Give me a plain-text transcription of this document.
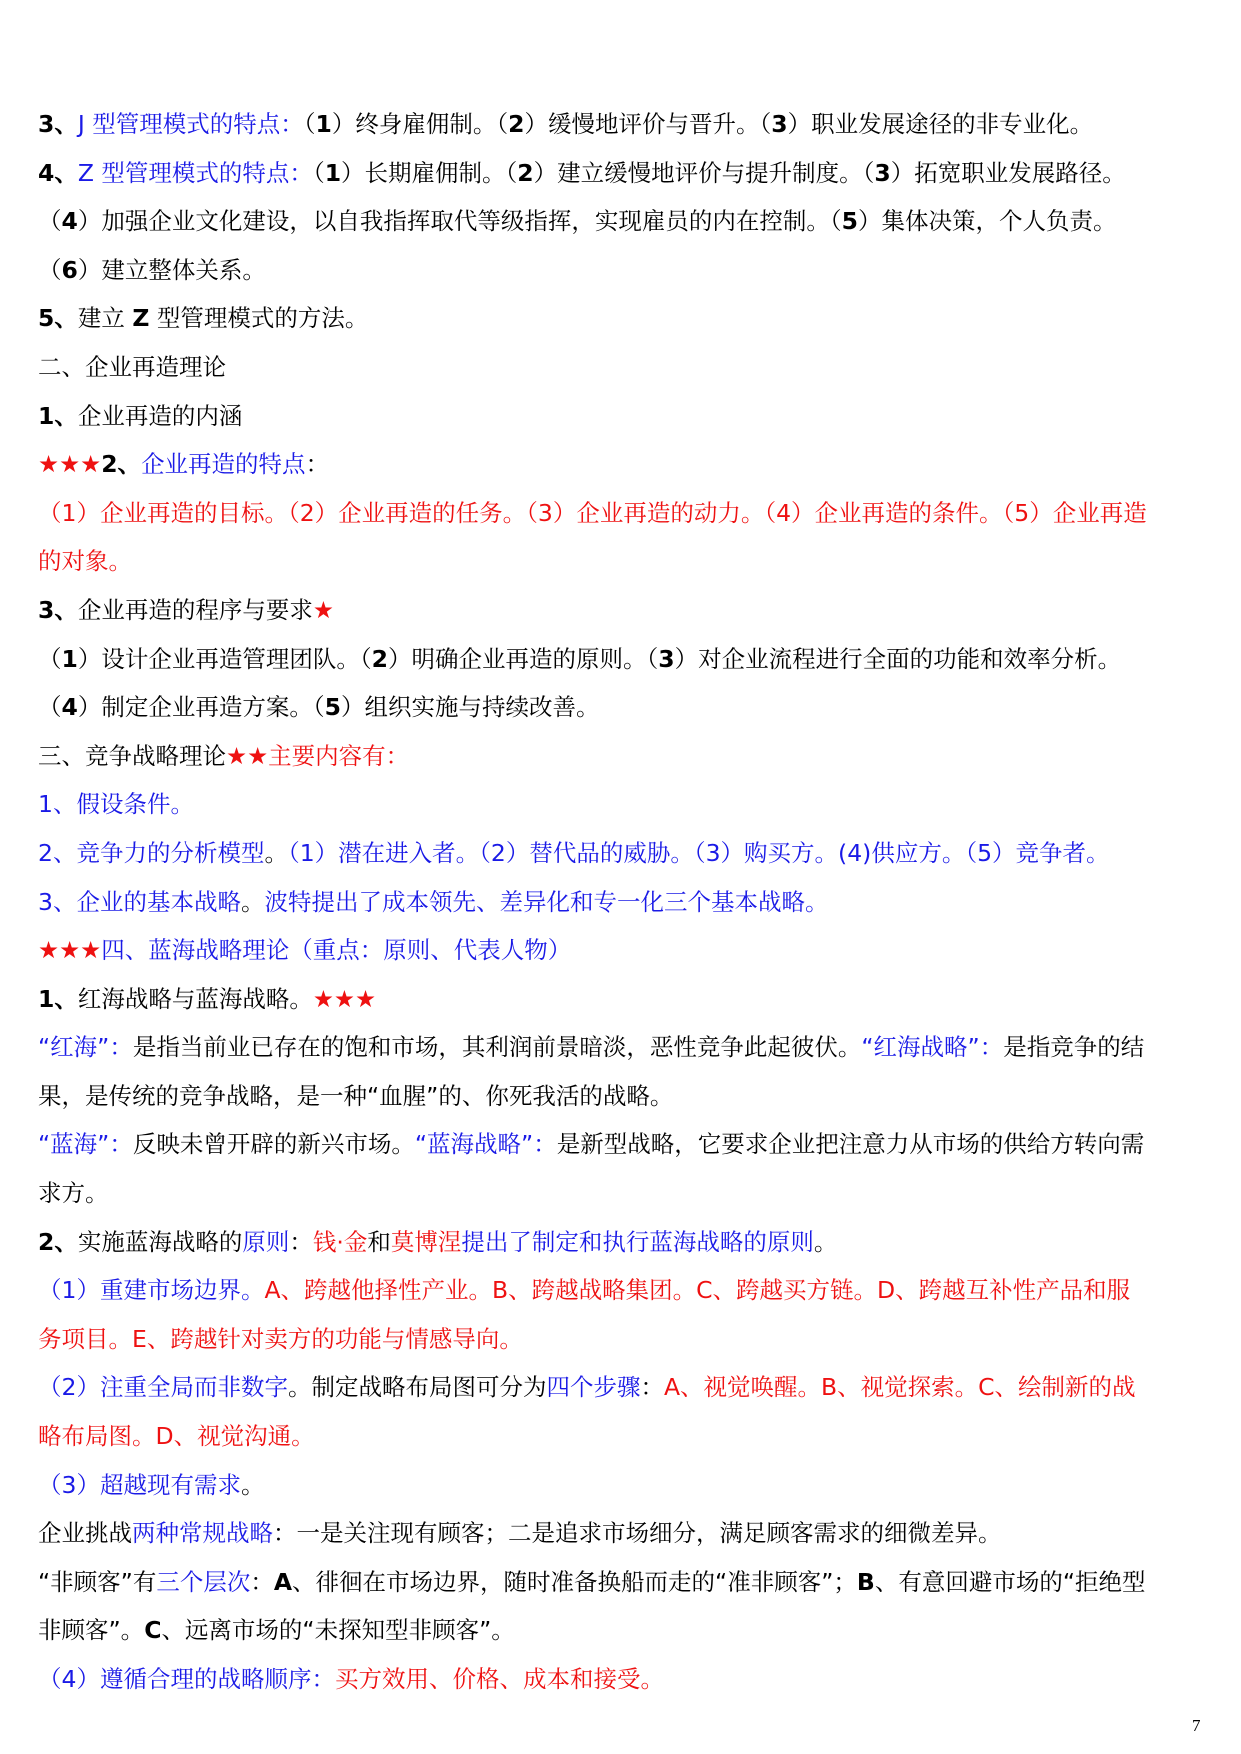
3、J 型管理模式的特点：（1）终身雇佣制。（2）缓慢地评价与晋升。（3）职业发展途径的非专业化。
4、Z 型管理模式的特点：（1）长期雇佣制。（2）建立缓慢地评价与提升制度。（3）拓宽职业发展路径。
（4）加强企业文化建设，以自我指挥取代等级指挥，实现雇员的内在控制。（5）集体决策，个人负责。
（6）建立整体关系。
5、建立 Z 型管理模式的方法。
二、企业再造理论
1、企业再造的内涵
★★★2、企业再造的特点：
（1）企业再造的目标。（2）企业再造的任务。（3）企业再造的动力。（4）企业再造的条件。（5）企业再造
的对象。
3、企业再造的程序与要求★
（1）设计企业再造管理团队。（2）明确企业再造的原则。（3）对企业流程进行全面的功能和效率分析。
（4）制定企业再造方案。（5）组织实施与持续改善。
三、竞争战略理论★★主要内容有：
1、假设条件。
2、竞争力的分析模型。（1）潜在进入者。（2）替代品的威胁。（3）购买方。(4)供应方。（5）竞争者。
3、企业的基本战略。波特提出了成本领先、差异化和专一化三个基本战略。
★★★四、蓝海战略理论（重点：原则、代表人物）
1、红海战略与蓝海战略。★★★
“红海”：是指当前业已存在的饱和市场，其利润前景暗淡，恶性竞争此起彼伏。“红海战略”：是指竞争的结
果，是传统的竞争战略，是一种“血腥”的、你死我活的战略。
“蓝海”：反映未曾开辟的新兴市场。“蓝海战略”：是新型战略，它要求企业把注意力从市场的供给方转向需
求方。
2、实施蓝海战略的原则：钱·金和莫博涅提出了制定和执行蓝海战略的原则。
（1）重建市场边界。A、跨越他择性产业。B、跨越战略集团。C、跨越买方链。D、跨越互补性产品和服
务项目。E、跨越针对卖方的功能与情感导向。
（2）注重全局而非数字。制定战略布局图可分为四个步骤：A、视觉唤醒。B、视觉探索。C、绘制新的战
略布局图。D、视觉沟通。
（3）超越现有需求。
企业挑战两种常规战略：一是关注现有顾客；二是追求市场细分，满足顾客需求的细微差异。
“非顾客”有三个层次：A、徘徊在市场边界，随时准备换船而走的“准非顾客”；B、有意回避市场的“拒绝型
非顾客”。C、远离市场的“未探知型非顾客”。
（4）遵循合理的战略顺序：买方效用、价格、成本和接受。
7
